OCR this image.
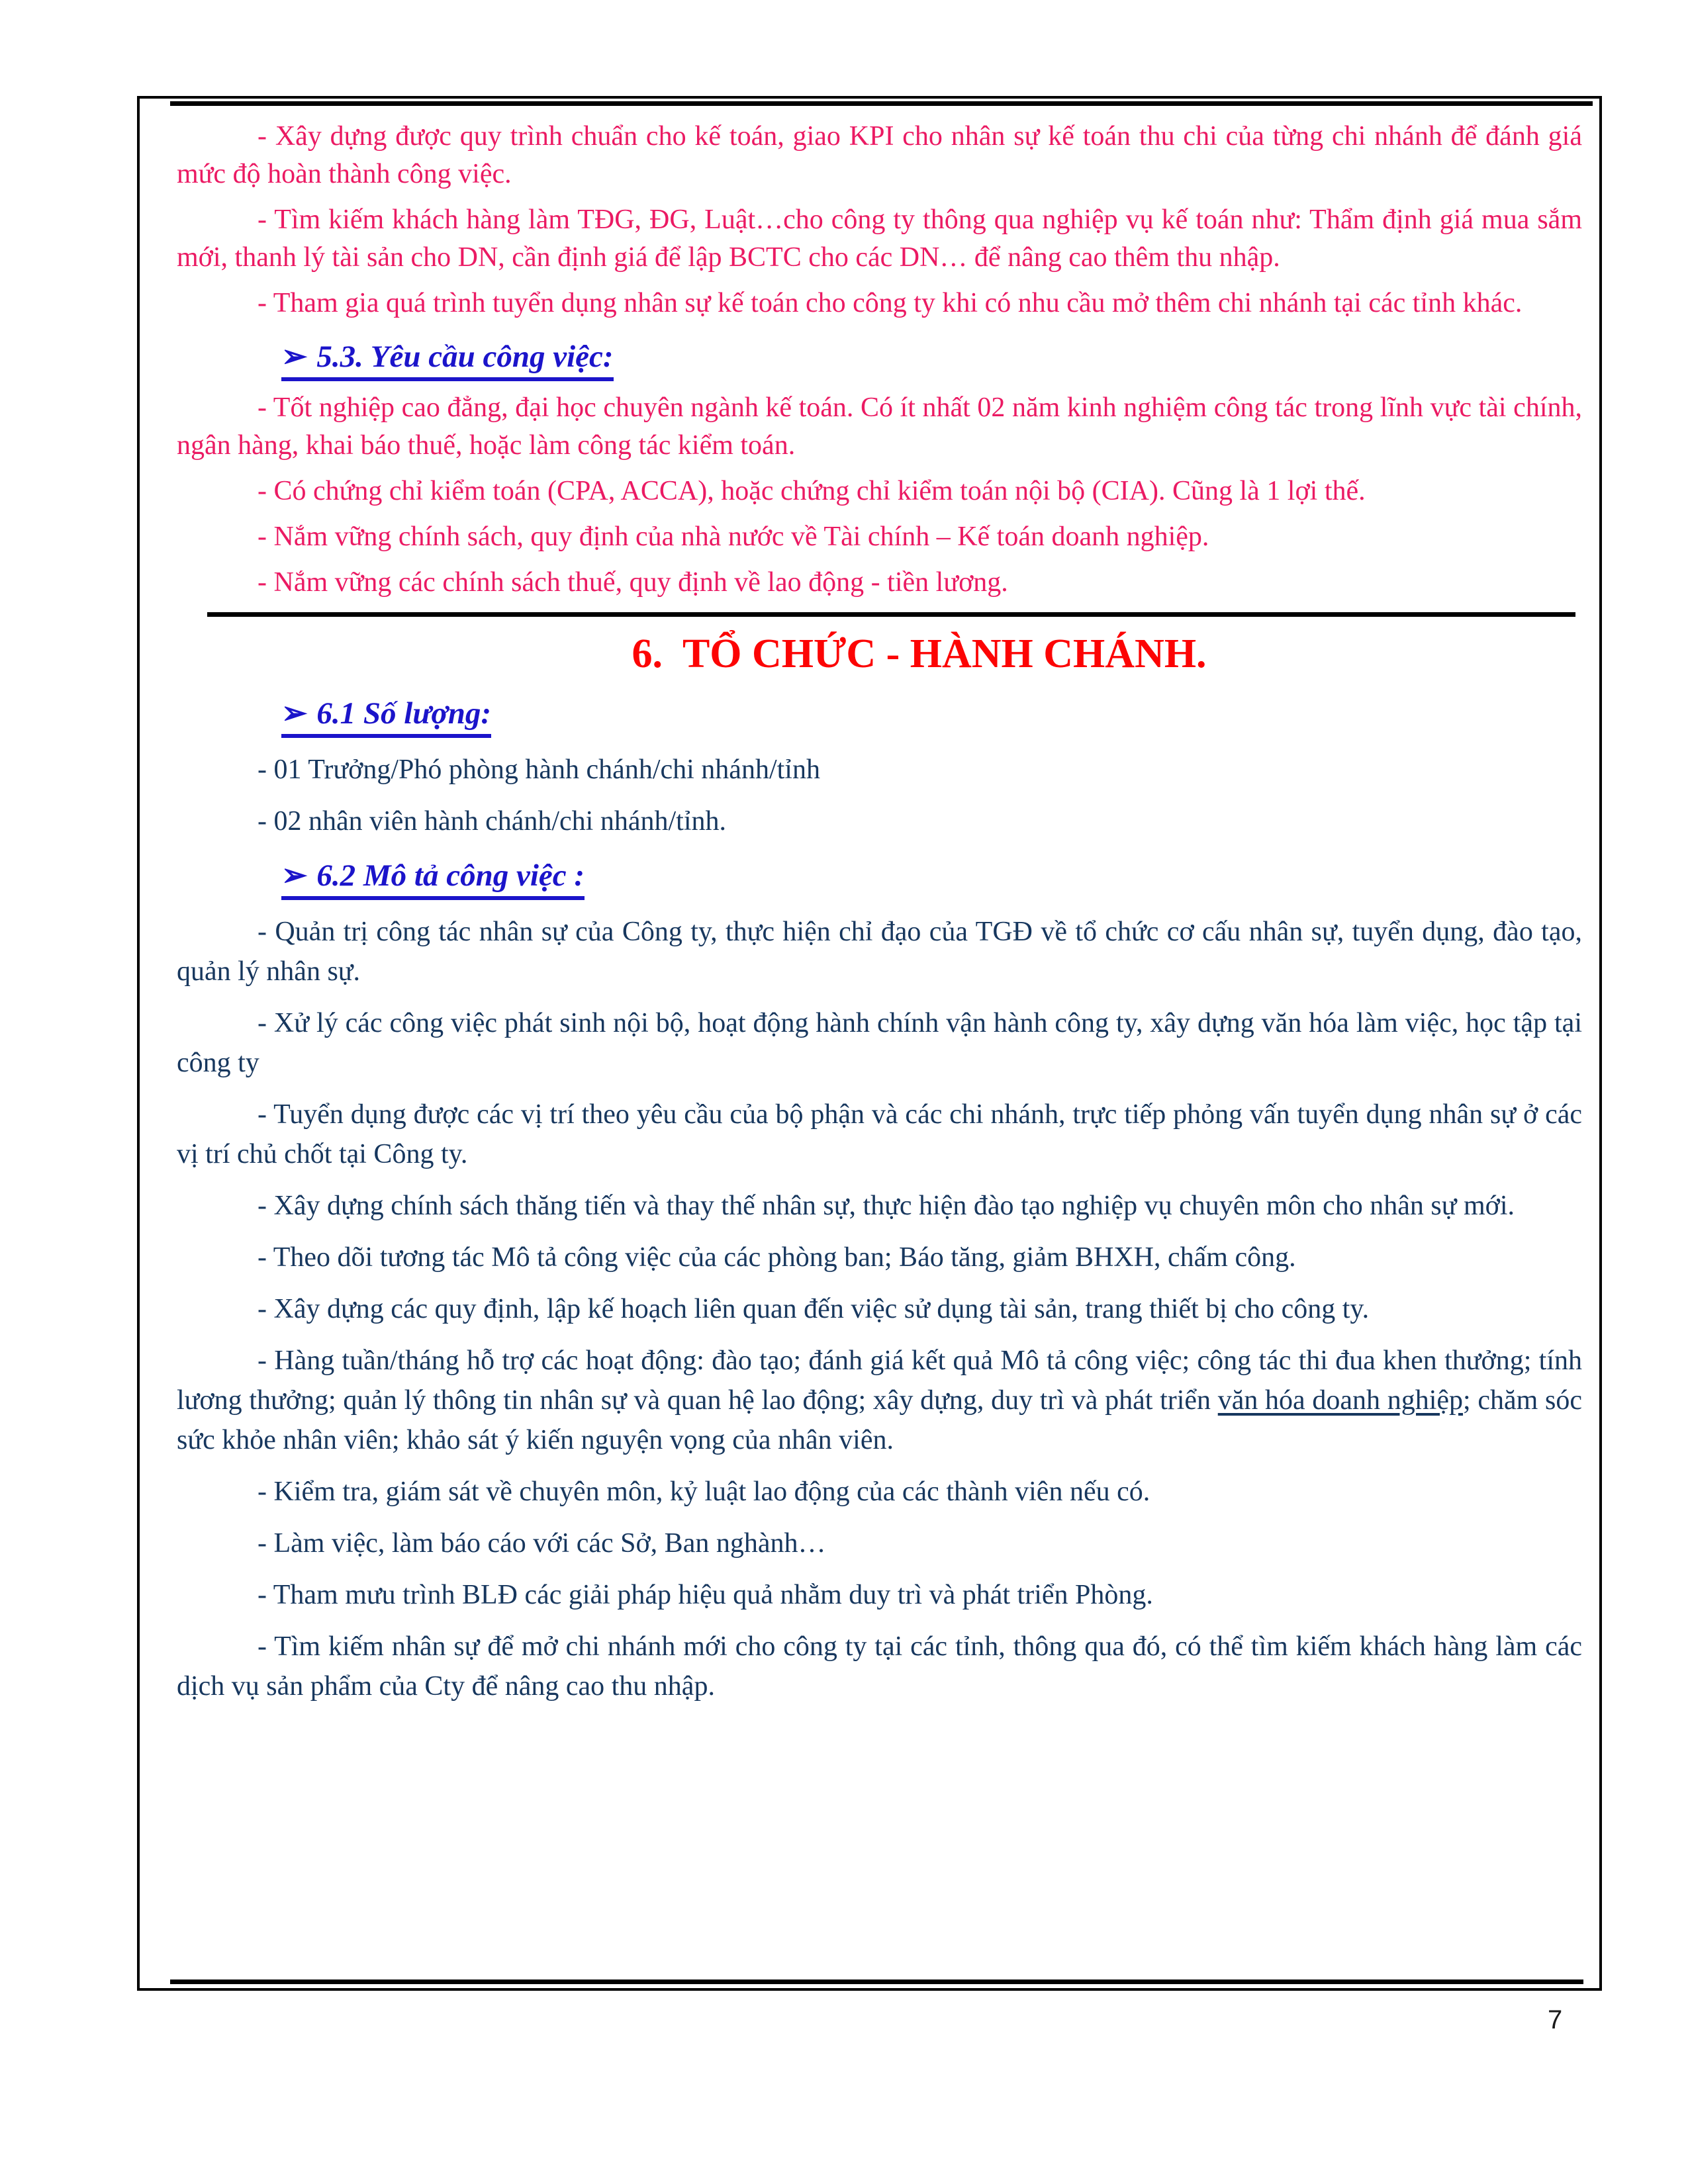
- Xây dựng được quy trình chuẩn cho kế toán, giao KPI cho nhân sự kế toán thu chi của từng chi nhánh để đánh giá mức độ hoàn thành công việc.

- Tìm kiếm khách hàng làm TĐG, ĐG, Luật…cho công ty thông qua nghiệp vụ kế toán như: Thẩm định giá mua sắm mới, thanh lý tài sản cho DN, cần định giá để lập BCTC cho các DN… để nâng cao thêm thu nhập.

- Tham gia quá trình tuyển dụng nhân sự kế toán cho công ty khi có nhu cầu mở thêm chi nhánh tại các tỉnh khác.

➢ 5.3. Yêu cầu công việc:

- Tốt nghiệp cao đẳng, đại học chuyên ngành kế toán. Có ít nhất 02 năm kinh nghiệm công tác trong lĩnh vực tài chính, ngân hàng, khai báo thuế, hoặc làm công tác kiểm toán.

- Có chứng chỉ kiểm toán (CPA, ACCA), hoặc chứng chỉ kiểm toán nội bộ (CIA). Cũng là 1 lợi thế.

- Nắm vững chính sách, quy định của nhà nước về Tài chính – Kế toán doanh nghiệp.

- Nắm vững các chính sách thuế, quy định về lao động - tiền lương.

6. TỔ CHỨC - HÀNH CHÁNH.
➢ 6.1 Số lượng:

- 01 Trưởng/Phó phòng hành chánh/chi nhánh/tỉnh

- 02 nhân viên hành chánh/chi nhánh/tỉnh.

➢ 6.2 Mô tả công việc :

- Quản trị công tác nhân sự của Công ty, thực hiện chỉ đạo của TGĐ về tổ chức cơ cấu nhân sự, tuyển dụng, đào tạo, quản lý nhân sự.

- Xử lý các công việc phát sinh nội bộ, hoạt động hành chính vận hành công ty, xây dựng văn hóa làm việc, học tập tại công ty

- Tuyển dụng được các vị trí theo yêu cầu của bộ phận và các chi nhánh, trực tiếp phỏng vấn tuyển dụng nhân sự ở các vị trí chủ chốt tại Công ty.

- Xây dựng chính sách thăng tiến và thay thế nhân sự, thực hiện đào tạo nghiệp vụ chuyên môn cho nhân sự mới.

- Theo dõi tương tác Mô tả công việc của các phòng ban; Báo tăng, giảm BHXH, chấm công.

- Xây dựng các quy định, lập kế hoạch liên quan đến việc sử dụng tài sản, trang thiết bị cho công ty.

- Hàng tuần/tháng hỗ trợ các hoạt động: đào tạo; đánh giá kết quả Mô tả công việc; công tác thi đua khen thưởng; tính lương thưởng; quản lý thông tin nhân sự và quan hệ lao động; xây dựng, duy trì và phát triển văn hóa doanh nghiệp; chăm sóc sức khỏe nhân viên; khảo sát ý kiến nguyện vọng của nhân viên.

- Kiểm tra, giám sát về chuyên môn, kỷ luật lao động của các thành viên nếu có.

- Làm việc, làm báo cáo với các Sở, Ban nghành…

- Tham mưu trình BLĐ các giải pháp hiệu quả nhằm duy trì và phát triển Phòng.

- Tìm kiếm nhân sự để mở chi nhánh mới cho công ty tại các tỉnh, thông qua đó, có thể tìm kiếm khách hàng làm các dịch vụ sản phẩm của Cty để nâng cao thu nhập.

7
